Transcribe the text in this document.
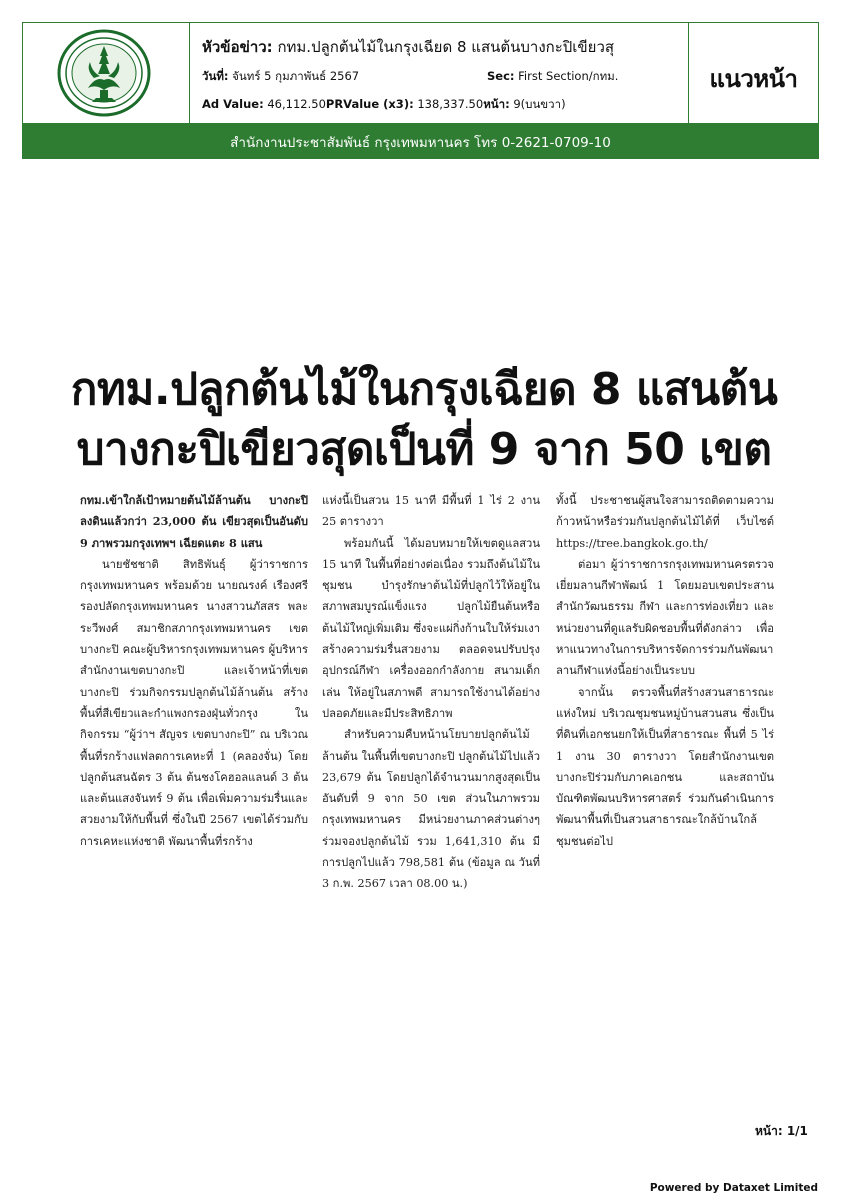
หัวข้อข่าว: กทม.ปลูกต้นไม้ในกรุงเฉียด 8 แสนต้นบางกะปิเขียวสุ
วันที่: จันทร์ 5 กุมภาพันธ์ 2567	Sec: First Section/กทม.
Ad Value: 46,112.50PRValue (x3): 138,337.50หน้า: 9(บนขวา)
แนวหน้า
สำนักงานประชาสัมพันธ์ กรุงเทพมหานคร โทร 0-2621-0709-10
กทม.ปลูกต้นไม้ในกรุงเฉียด 8 แสนต้น
บางกะปิเขียวสุดเป็นที่ 9 จาก 50 เขต

กทม.เข้าใกล้เป้าหมายต้นไม้ล้านต้น บางกะปิ ลงดินแล้วกว่า 23,000 ต้น เขียวสุดเป็นอันดับ 9 ภาพรวมกรุงเทพฯ เฉียดแตะ 8 แสน

นายชัชชาติ สิทธิพันธุ์ ผู้ว่าราชการกรุงเทพมหานคร พร้อมด้วย นายณรงค์ เรืองศรี รองปลัดกรุงเทพมหานคร นางสาวนภัสสร พละระวีพงศ์ สมาชิกสภากรุงเทพมหานคร เขตบางกะปิ คณะผู้บริหารกรุงเทพมหานคร ผู้บริหารสำนักงานเขตบางกะปิ และเจ้าหน้าที่เขตบางกะปิ ร่วมกิจกรรมปลูกต้นไม้ล้านต้น สร้างพื้นที่สีเขียวและกำแพงกรองฝุ่นทั่วกรุง ในกิจกรรม “ผู้ว่าฯ สัญจร เขตบางกะปิ” ณ บริเวณพื้นที่รกร้างแฟลตการเคหะที่ 1 (คลองจั่น) โดยปลูกต้นสนฉัตร 3 ต้น ต้นชงโคฮอลแลนด์ 3 ต้น และต้นแสงจันทร์ 9 ต้น เพื่อเพิ่มความร่มรื่นและสวยงามให้กับพื้นที่ ซึ่งในปี 2567 เขตได้ร่วมกับการเคหะแห่งชาติ พัฒนาพื้นที่รกร้าง

แห่งนี้เป็นสวน 15 นาที มีพื้นที่ 1 ไร่ 2 งาน 25 ตารางวา

พร้อมกันนี้ ได้มอบหมายให้เขตดูแลสวน 15 นาที ในพื้นที่อย่างต่อเนื่อง รวมถึงต้นไม้ในชุมชน บำรุงรักษาต้นไม้ที่ปลูกไว้ให้อยู่ในสภาพสมบูรณ์แข็งแรง ปลูกไม้ยืนต้นหรือต้นไม้ใหญ่เพิ่มเติม ซึ่งจะแผ่กิ่งก้านใบให้ร่มเงา สร้างความร่มรื่นสวยงาม ตลอดจนปรับปรุงอุปกรณ์กีฬา เครื่องออกกำลังกาย สนามเด็กเล่น ให้อยู่ในสภาพดี สามารถใช้งานได้อย่างปลอดภัยและมีประสิทธิภาพ

สำหรับความคืบหน้านโยบายปลูกต้นไม้ล้านต้น ในพื้นที่เขตบางกะปิ ปลูกต้นไม้ไปแล้ว 23,679 ต้น โดยปลูกได้จำนวนมากสูงสุดเป็นอันดับที่ 9 จาก 50 เขต ส่วนในภาพรวมกรุงเทพมหานคร มีหน่วยงานภาคส่วนต่างๆ ร่วมจองปลูกต้นไม้ รวม 1,641,310 ต้น มีการปลูกไปแล้ว 798,581 ต้น (ข้อมูล ณ วันที่ 3 ก.พ. 2567 เวลา 08.00 น.)

ทั้งนี้ ประชาชนผู้สนใจสามารถติดตามความก้าวหน้าหรือร่วมกันปลูกต้นไม้ได้ที่ เว็บไซต์ https://tree.bangkok.go.th/

ต่อมา ผู้ว่าราชการกรุงเทพมหานครตรวจเยี่ยมลานกีฬาพัฒน์ 1 โดยมอบเขตประสานสำนักวัฒนธรรม กีฬา และการท่องเที่ยว และหน่วยงานที่ดูแลรับผิดชอบพื้นที่ดังกล่าว เพื่อหาแนวทางในการบริหารจัดการร่วมกันพัฒนาลานกีฬาแห่งนี้อย่างเป็นระบบ

จากนั้น ตรวจพื้นที่สร้างสวนสาธารณะแห่งใหม่ บริเวณชุมชนหมู่บ้านสวนสน ซึ่งเป็นที่ดินที่เอกชนยกให้เป็นที่สาธารณะ พื้นที่ 5 ไร่ 1 งาน 30 ตารางวา โดยสำนักงานเขตบางกะปิร่วมกับภาคเอกชน และสถาบันบัณฑิตพัฒนบริหารศาสตร์ ร่วมกันดำเนินการพัฒนาพื้นที่เป็นสวนสาธารณะใกล้บ้านใกล้ชุมชนต่อไป

หน้า: 1/1
Powered by Dataxet Limited
